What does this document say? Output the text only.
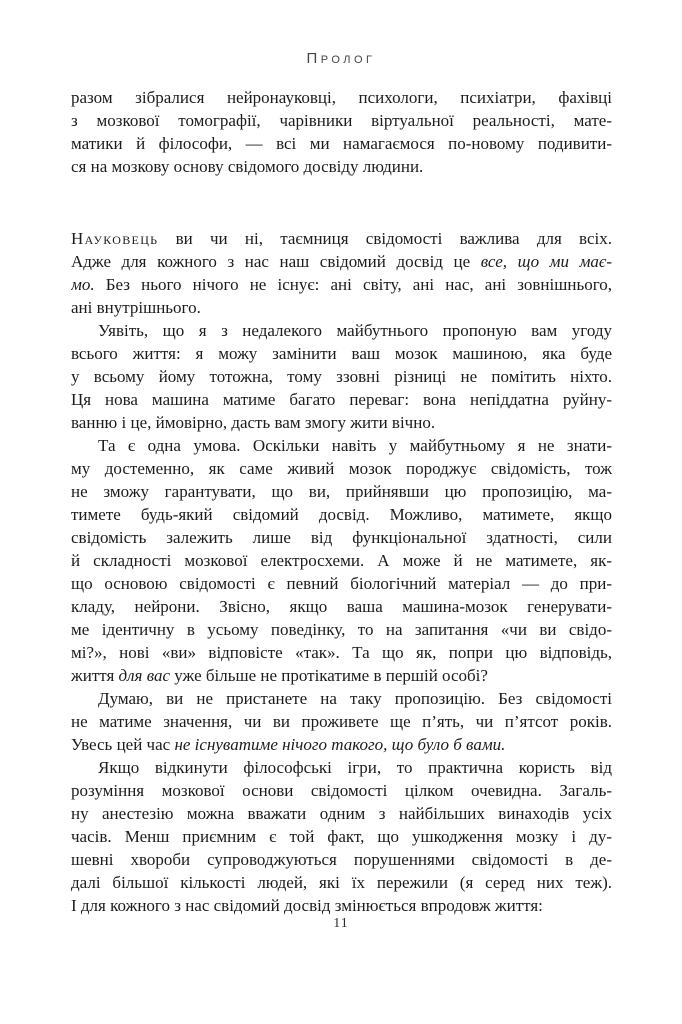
Пролог
разом зібралися нейронауковці, психологи, психіатри, фахівці
з мозкової томографії, чарівники віртуальної реальності, мате-
матики й філософи, — всі ми намагаємося по-новому подивити-
ся на мозкову основу свідомого досвіду людини.
Науковець ви чи ні, таємниця свідомості важлива для всіх.
Адже для кожного з нас наш свідомий досвід це все, що ми має-
мо. Без нього нічого не існує: ані світу, ані нас, ані зовнішнього,
ані внутрішнього.
Уявіть, що я з недалекого майбутнього пропоную вам угоду
всього життя: я можу замінити ваш мозок машиною, яка буде
у всьому йому тотожна, тому ззовні різниці не помітить ніхто.
Ця нова машина матиме багато переваг: вона непіддатна руйну-
ванню і це, ймовірно, дасть вам змогу жити вічно.
Та є одна умова. Оскільки навіть у майбутньому я не знати-
му достеменно, як саме живий мозок породжує свідомість, тож
не зможу гарантувати, що ви, прийнявши цю пропозицію, ма-
тимете будь-який свідомий досвід. Можливо, матимете, якщо
свідомість залежить лише від функціональної здатності, сили
й складності мозкової електросхеми. А може й не матимете, як-
що основою свідомості є певний біологічний матеріал — до при-
кладу, нейрони. Звісно, якщо ваша машина-мозок генерувати-
ме ідентичну в усьому поведінку, то на запитання «чи ви свідо-
мі?», нові «ви» відповісте «так». Та що як, попри цю відповідь,
життя для вас уже більше не протікатиме в першій особі?
Думаю, ви не пристанете на таку пропозицію. Без свідомості
не матиме значення, чи ви проживете ще п’ять, чи п’ятсот років.
Увесь цей час не існуватиме нічого такого, що було б вами.
Якщо відкинути філософські ігри, то практична користь від
розуміння мозкової основи свідомості цілком очевидна. Загаль-
ну анестезію можна вважати одним з найбільших винаходів усіх
часів. Менш приємним є той факт, що ушкодження мозку і ду-
шевні хвороби супроводжуються порушеннями свідомості в де-
далі більшої кількості людей, які їх пережили (я серед них теж).
І для кожного з нас свідомий досвід змінюється впродовж життя:
11
